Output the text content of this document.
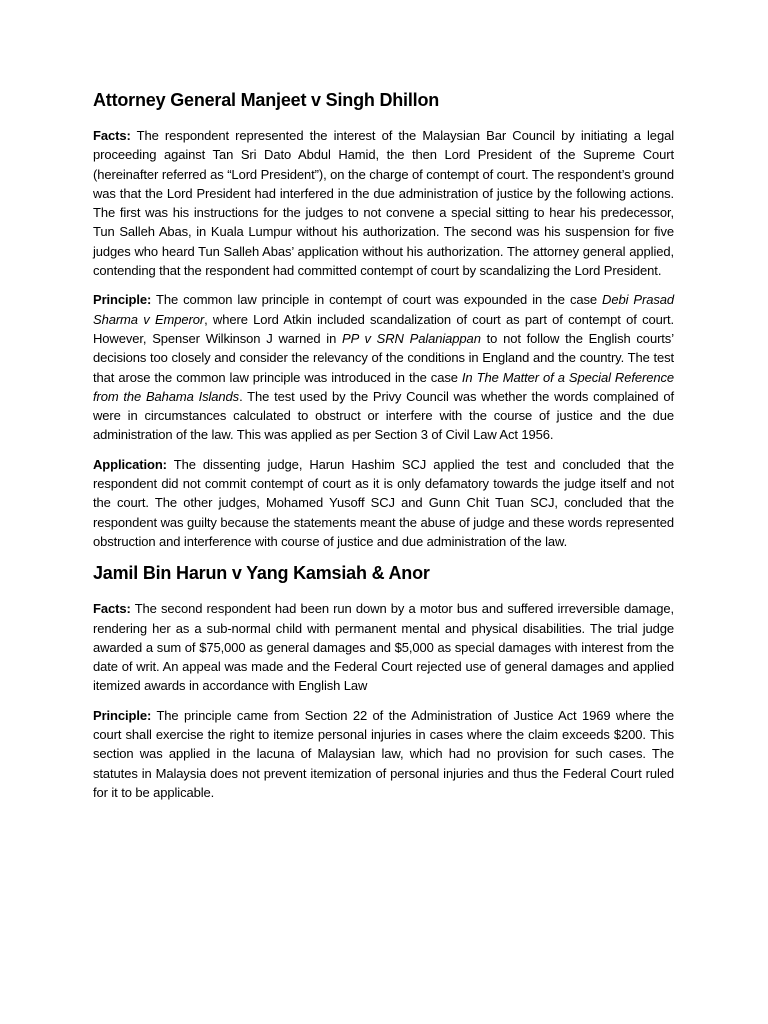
Attorney General Manjeet v Singh Dhillon

Facts: The respondent represented the interest of the Malaysian Bar Council by initiating a legal proceeding against Tan Sri Dato Abdul Hamid, the then Lord President of the Supreme Court (hereinafter referred as “Lord President”), on the charge of contempt of court. The respondent’s ground was that the Lord President had interfered in the due administration of justice by the following actions. The first was his instructions for the judges to not convene a special sitting to hear his predecessor, Tun Salleh Abas, in Kuala Lumpur without his authorization. The second was his suspension for five judges who heard Tun Salleh Abas’ application without his authorization. The attorney general applied, contending that the respondent had committed contempt of court by scandalizing the Lord President.

Principle: The common law principle in contempt of court was expounded in the case Debi Prasad Sharma v Emperor, where Lord Atkin included scandalization of court as part of contempt of court. However, Spenser Wilkinson J warned in PP v SRN Palaniappan to not follow the English courts’ decisions too closely and consider the relevancy of the conditions in England and the country. The test that arose the common law principle was introduced in the case In The Matter of a Special Reference from the Bahama Islands. The test used by the Privy Council was whether the words complained of were in circumstances calculated to obstruct or interfere with the course of justice and the due administration of the law. This was applied as per Section 3 of Civil Law Act 1956.

Application: The dissenting judge, Harun Hashim SCJ applied the test and concluded that the respondent did not commit contempt of court as it is only defamatory towards the judge itself and not the court. The other judges, Mohamed Yusoff SCJ and Gunn Chit Tuan SCJ, concluded that the respondent was guilty because the statements meant the abuse of judge and these words represented obstruction and interference with course of justice and due administration of the law.

Jamil Bin Harun v Yang Kamsiah & Anor

Facts: The second respondent had been run down by a motor bus and suffered irreversible damage, rendering her as a sub-normal child with permanent mental and physical disabilities. The trial judge awarded a sum of $75,000 as general damages and $5,000 as special damages with interest from the date of writ. An appeal was made and the Federal Court rejected use of general damages and applied itemized awards in accordance with English Law

Principle: The principle came from Section 22 of the Administration of Justice Act 1969 where the court shall exercise the right to itemize personal injuries in cases where the claim exceeds $200. This section was applied in the lacuna of Malaysian law, which had no provision for such cases. The statutes in Malaysia does not prevent itemization of personal injuries and thus the Federal Court ruled for it to be applicable.
